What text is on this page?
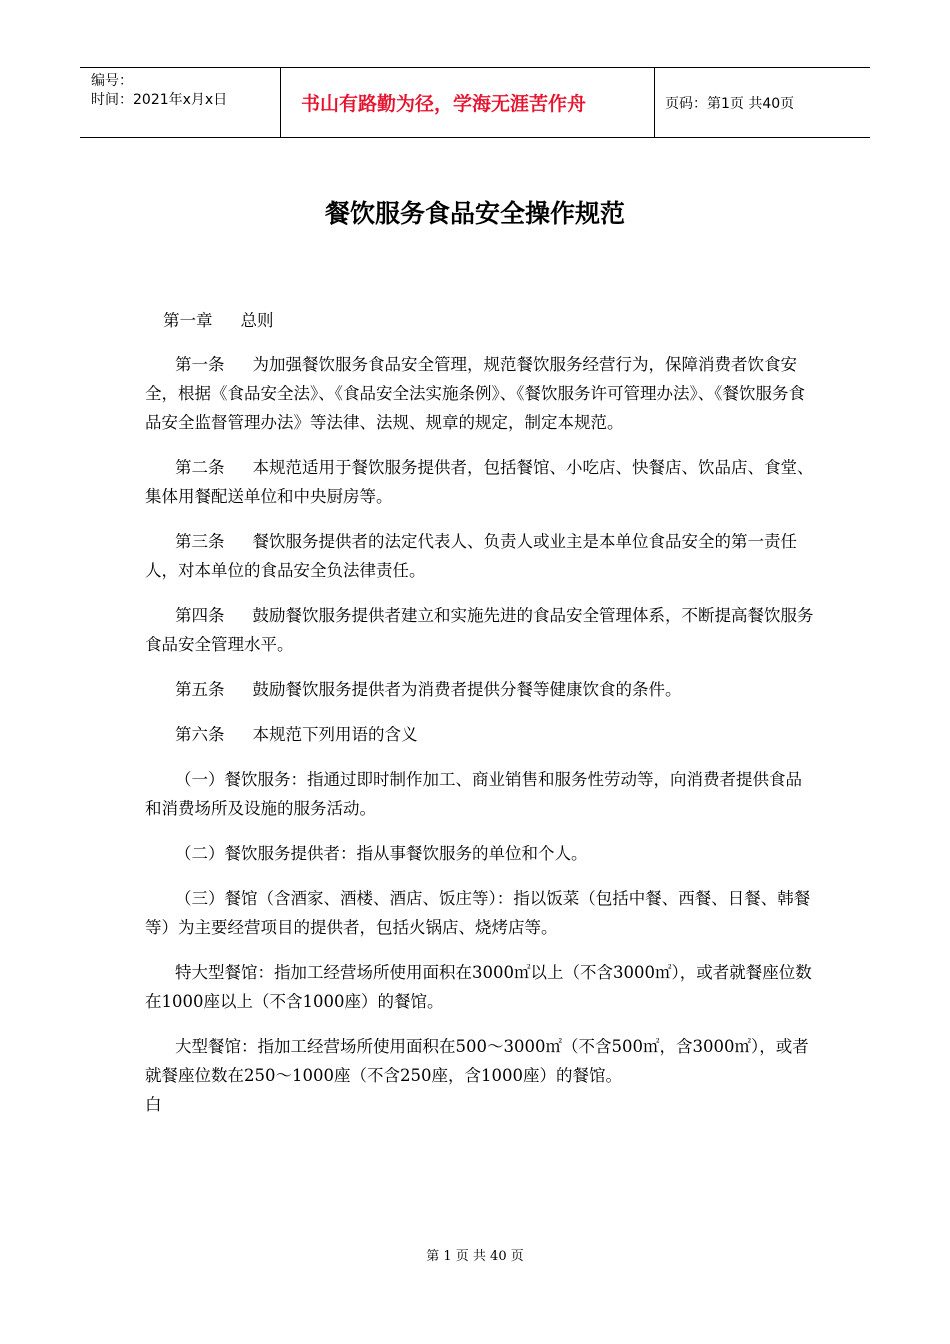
编号：
时间：2021年x月x日	书山有路勤为径，学海无涯苦作舟	页码：第1页 共40页
餐饮服务食品安全操作规范

第一章 总则

第一条 为加强餐饮服务食品安全管理，规范餐饮服务经营行为，保障消费者饮食安全，根据《食品安全法》、《食品安全法实施条例》、《餐饮服务许可管理办法》、《餐饮服务食品安全监督管理办法》等法律、法规、规章的规定，制定本规范。

第二条 本规范适用于餐饮服务提供者，包括餐馆、小吃店、快餐店、饮品店、食堂、集体用餐配送单位和中央厨房等。

第三条 餐饮服务提供者的法定代表人、负责人或业主是本单位食品安全的第一责任人，对本单位的食品安全负法律责任。

第四条 鼓励餐饮服务提供者建立和实施先进的食品安全管理体系，不断提高餐饮服务食品安全管理水平。

第五条 鼓励餐饮服务提供者为消费者提供分餐等健康饮食的条件。

第六条 本规范下列用语的含义

（一）餐饮服务：指通过即时制作加工、商业销售和服务性劳动等，向消费者提供食品和消费场所及设施的服务活动。

（二）餐饮服务提供者：指从事餐饮服务的单位和个人。

（三）餐馆（含酒家、酒楼、酒店、饭庄等）：指以饭菜（包括中餐、西餐、日餐、韩餐等）为主要经营项目的提供者，包括火锅店、烧烤店等。

特大型餐馆：指加工经营场所使用面积在3000㎡以上（不含3000㎡），或者就餐座位数在1000座以上（不含1000座）的餐馆。

大型餐馆：指加工经营场所使用面积在500～3000㎡（不含500㎡，含3000㎡），或者就餐座位数在250～1000座（不含250座，含1000座）的餐馆。

白

第 1 页 共 40 页
